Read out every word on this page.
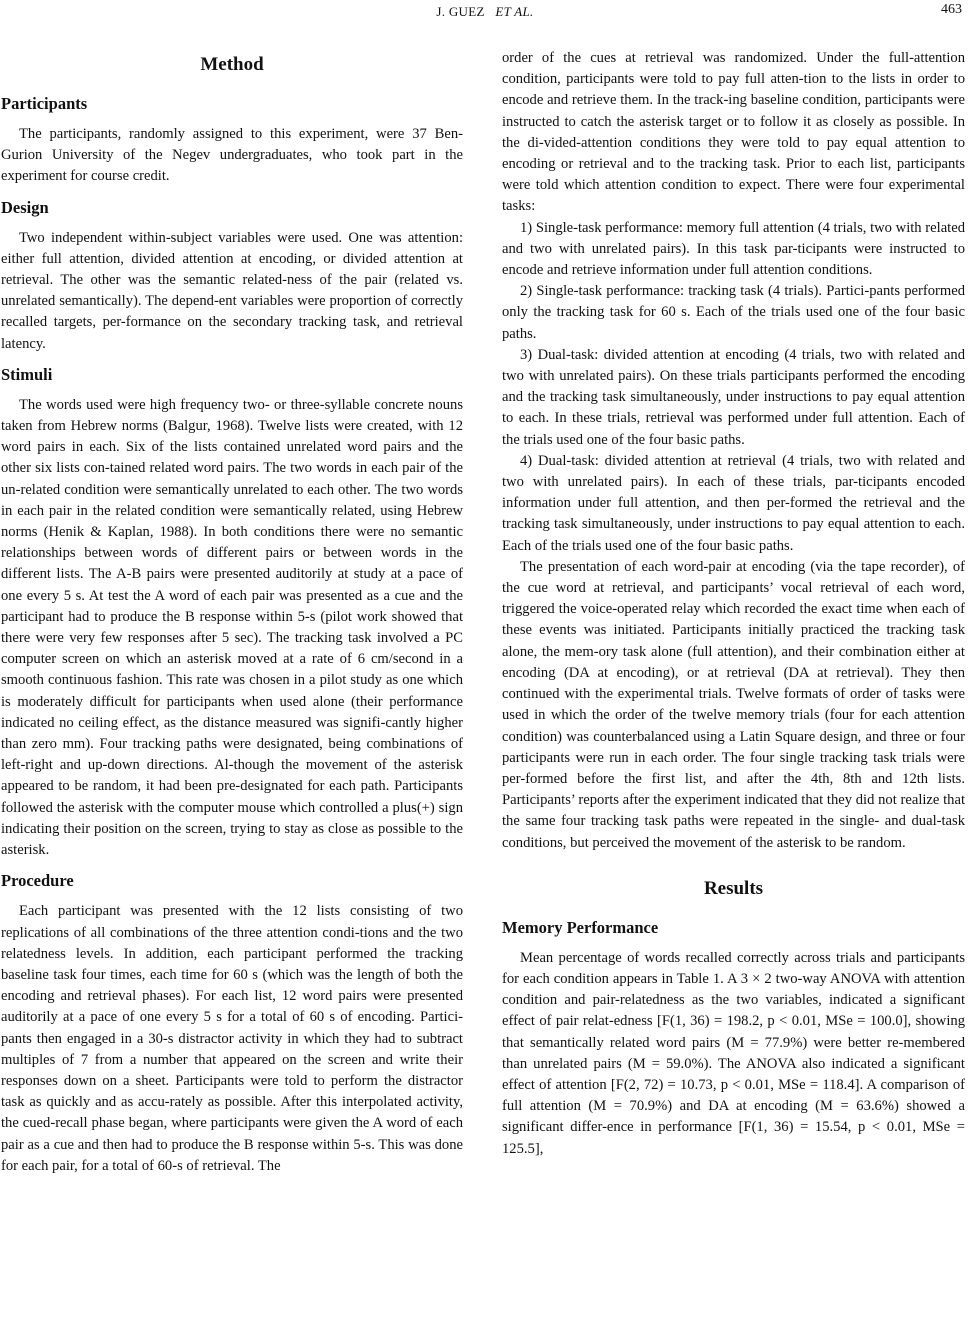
J. GUEZ ET AL.	463
Method
Participants

The participants, randomly assigned to this experiment, were 37 Ben-Gurion University of the Negev undergraduates, who took part in the experiment for course credit.

Design

Two independent within-subject variables were used. One was attention: either full attention, divided attention at encoding, or divided attention at retrieval. The other was the semantic related-ness of the pair (related vs. unrelated semantically). The depend-ent variables were proportion of correctly recalled targets, per-formance on the secondary tracking task, and retrieval latency.

Stimuli

The words used were high frequency two- or three-syllable concrete nouns taken from Hebrew norms (Balgur, 1968). Twelve lists were created, with 12 word pairs in each. Six of the lists contained unrelated word pairs and the other six lists con-tained related word pairs. The two words in each pair of the un-related condition were semantically unrelated to each other. The two words in each pair in the related condition were semantically related, using Hebrew norms (Henik & Kaplan, 1988). In both conditions there were no semantic relationships between words of different pairs or between words in the different lists. The A-B pairs were presented auditorily at study at a pace of one every 5 s. At test the A word of each pair was presented as a cue and the participant had to produce the B response within 5-s (pilot work showed that there were very few responses after 5 sec). The tracking task involved a PC computer screen on which an asterisk moved at a rate of 6 cm/second in a smooth continuous fashion. This rate was chosen in a pilot study as one which is moderately difficult for participants when used alone (their performance indicated no ceiling effect, as the distance measured was signifi-cantly higher than zero mm). Four tracking paths were designated, being combinations of left-right and up-down directions. Al-though the movement of the asterisk appeared to be random, it had been pre-designated for each path. Participants followed the asterisk with the computer mouse which controlled a plus(+) sign indicating their position on the screen, trying to stay as close as possible to the asterisk.

Procedure

Each participant was presented with the 12 lists consisting of two replications of all combinations of the three attention condi-tions and the two relatedness levels. In addition, each participant performed the tracking baseline task four times, each time for 60 s (which was the length of both the encoding and retrieval phases). For each list, 12 word pairs were presented auditorily at a pace of one every 5 s for a total of 60 s of encoding. Partici-pants then engaged in a 30-s distractor activity in which they had to subtract multiples of 7 from a number that appeared on the screen and write their responses down on a sheet. Participants were told to perform the distractor task as quickly and as accu-rately as possible. After this interpolated activity, the cued-recall phase began, where participants were given the A word of each pair as a cue and then had to produce the B response within 5-s. This was done for each pair, for a total of 60-s of retrieval. The

order of the cues at retrieval was randomized. Under the full-attention condition, participants were told to pay full atten-tion to the lists in order to encode and retrieve them. In the track-ing baseline condition, participants were instructed to catch the asterisk target or to follow it as closely as possible. In the di-vided-attention conditions they were told to pay equal attention to encoding or retrieval and to the tracking task. Prior to each list, participants were told which attention condition to expect. There were four experimental tasks:

1) Single-task performance: memory full attention (4 trials, two with related and two with unrelated pairs). In this task par-ticipants were instructed to encode and retrieve information under full attention conditions.

2) Single-task performance: tracking task (4 trials). Partici-pants performed only the tracking task for 60 s. Each of the trials used one of the four basic paths.

3) Dual-task: divided attention at encoding (4 trials, two with related and two with unrelated pairs). On these trials participants performed the encoding and the tracking task simultaneously, under instructions to pay equal attention to each. In these trials, retrieval was performed under full attention. Each of the trials used one of the four basic paths.

4) Dual-task: divided attention at retrieval (4 trials, two with related and two with unrelated pairs). In each of these trials, par-ticipants encoded information under full attention, and then per-formed the retrieval and the tracking task simultaneously, under instructions to pay equal attention to each. Each of the trials used one of the four basic paths.

The presentation of each word-pair at encoding (via the tape recorder), of the cue word at retrieval, and participants’ vocal retrieval of each word, triggered the voice-operated relay which recorded the exact time when each of these events was initiated. Participants initially practiced the tracking task alone, the mem-ory task alone (full attention), and their combination either at encoding (DA at encoding), or at retrieval (DA at retrieval). They then continued with the experimental trials. Twelve formats of order of tasks were used in which the order of the twelve memory trials (four for each attention condition) was counterbalanced using a Latin Square design, and three or four participants were run in each order. The four single tracking task trials were per-formed before the first list, and after the 4th, 8th and 12th lists. Participants’ reports after the experiment indicated that they did not realize that the same four tracking task paths were repeated in the single- and dual-task conditions, but perceived the movement of the asterisk to be random.

Results
Memory Performance

Mean percentage of words recalled correctly across trials and participants for each condition appears in Table 1. A 3 × 2 two-way ANOVA with attention condition and pair-relatedness as the two variables, indicated a significant effect of pair relat-edness [F(1, 36) = 198.2, p < 0.01, MSe = 100.0], showing that semantically related word pairs (M = 77.9%) were better re-membered than unrelated pairs (M = 59.0%). The ANOVA also indicated a significant effect of attention [F(2, 72) = 10.73, p < 0.01, MSe = 118.4]. A comparison of full attention (M = 70.9%) and DA at encoding (M = 63.6%) showed a significant differ-ence in performance [F(1, 36) = 15.54, p < 0.01, MSe = 125.5],
